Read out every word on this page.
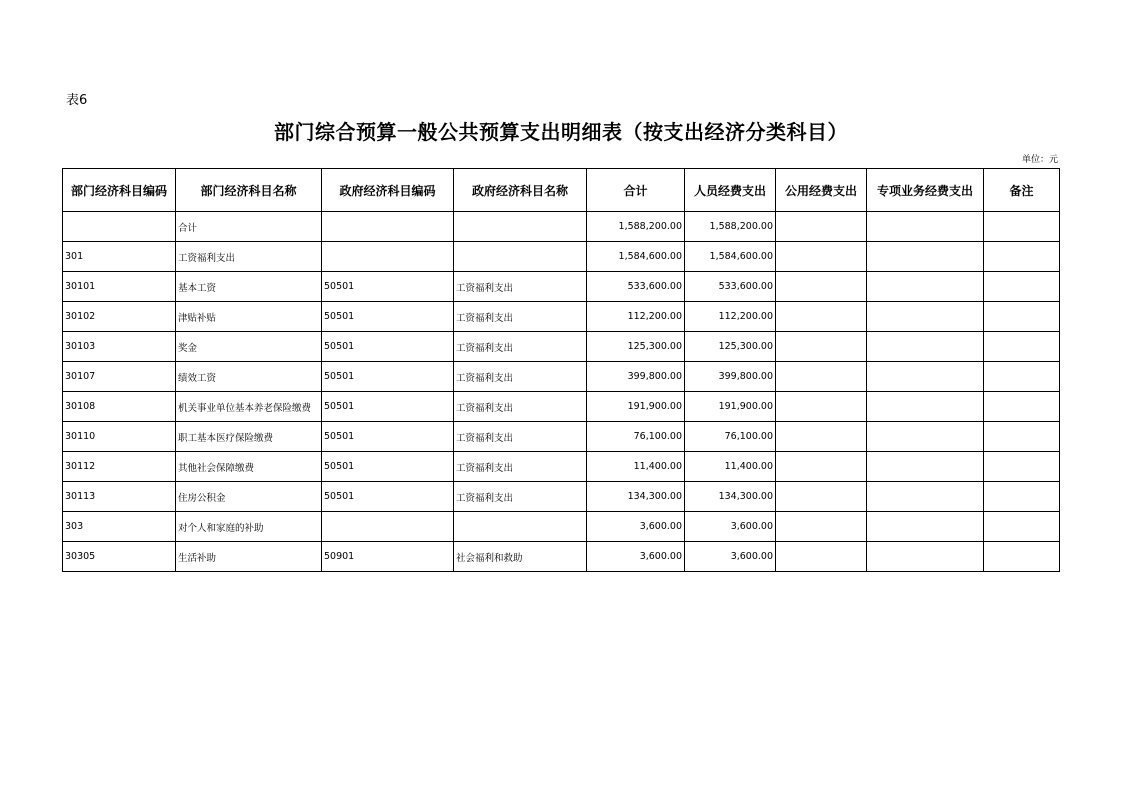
表6
部门综合预算一般公共预算支出明细表（按支出经济分类科目）
单位：元
部门经济科目编码	部门经济科目名称	政府经济科目编码	政府经济科目名称	合计	人员经费支出	公用经费支出	专项业务经费支出	备注
	合计			1,588,200.00	1,588,200.00			
301	工资福利支出			1,584,600.00	1,584,600.00			
30101	基本工资	50501	工资福利支出	533,600.00	533,600.00			
30102	津贴补贴	50501	工资福利支出	112,200.00	112,200.00			
30103	奖金	50501	工资福利支出	125,300.00	125,300.00			
30107	绩效工资	50501	工资福利支出	399,800.00	399,800.00			
30108	机关事业单位基本养老保险缴费	50501	工资福利支出	191,900.00	191,900.00			
30110	职工基本医疗保险缴费	50501	工资福利支出	76,100.00	76,100.00			
30112	其他社会保障缴费	50501	工资福利支出	11,400.00	11,400.00			
30113	住房公积金	50501	工资福利支出	134,300.00	134,300.00			
303	对个人和家庭的补助			3,600.00	3,600.00			
30305	生活补助	50901	社会福利和救助	3,600.00	3,600.00			
